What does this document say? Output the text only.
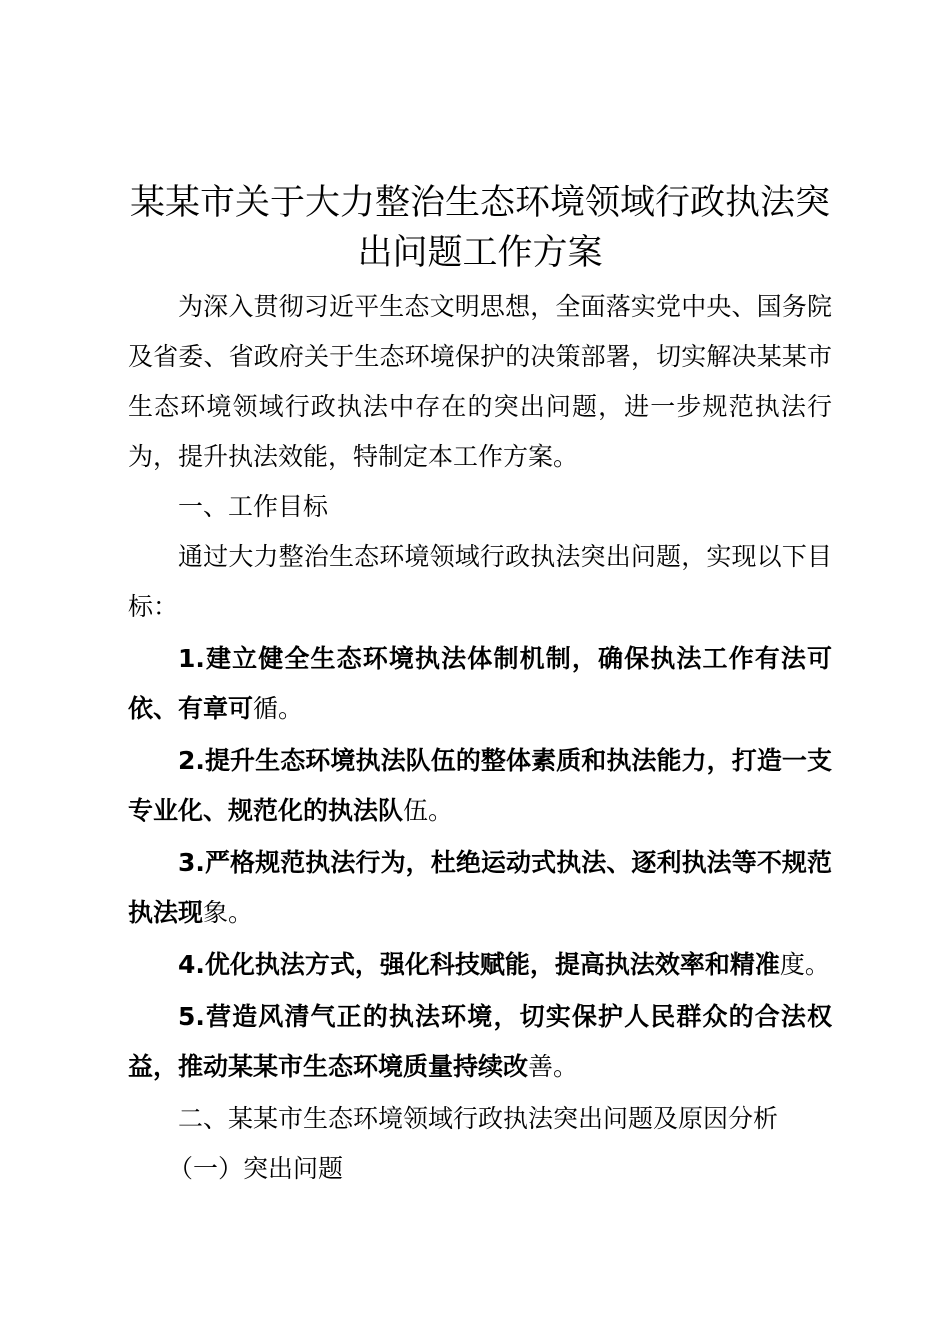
某某市关于大力整治生态环境领域行政执法突出问题工作方案

为深入贯彻习近平生态文明思想，全面落实党中央、国务院及省委、省政府关于生态环境保护的决策部署，切实解决某某市生态环境领域行政执法中存在的突出问题，进一步规范执法行为，提升执法效能，特制定本工作方案。

一、工作目标

通过大力整治生态环境领域行政执法突出问题，实现以下目标：

1.建立健全生态环境执法体制机制，确保执法工作有法可依、有章可循。

2.提升生态环境执法队伍的整体素质和执法能力，打造一支专业化、规范化的执法队伍。

3.严格规范执法行为，杜绝运动式执法、逐利执法等不规范执法现象。

4.优化执法方式，强化科技赋能，提高执法效率和精准度。

5.营造风清气正的执法环境，切实保护人民群众的合法权益，推动某某市生态环境质量持续改善。

二、某某市生态环境领域行政执法突出问题及原因分析

（一）突出问题
